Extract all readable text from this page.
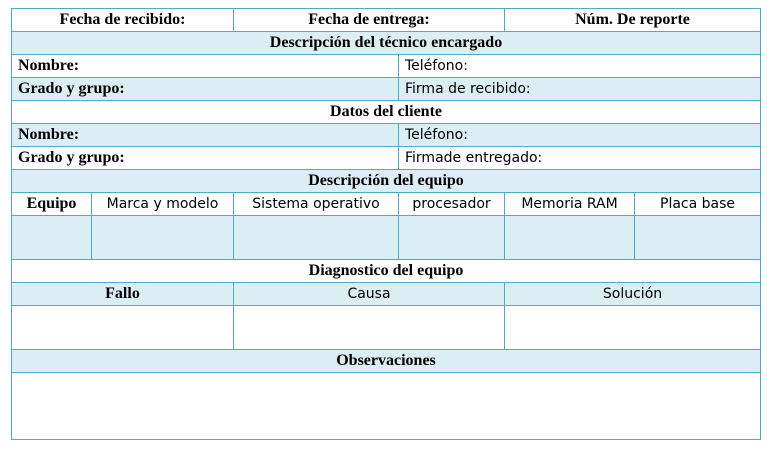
Fecha de recibido:		Fecha de entrega:		Núm. De reporte	
Descripción del técnico encargado					
Nombre:			Teléfono:		
Grado y grupo:			Firma de recibido:		
Datos del cliente					
Nombre:			Teléfono:		
Grado y grupo:			Firmade entregado:		
Descripción del equipo					
Equipo	Marca y modelo	Sistema operativo	procesador	Memoria RAM	Placa base

Diagnostico del equipo					
Fallo		Causa		Solución	

Observaciones					
